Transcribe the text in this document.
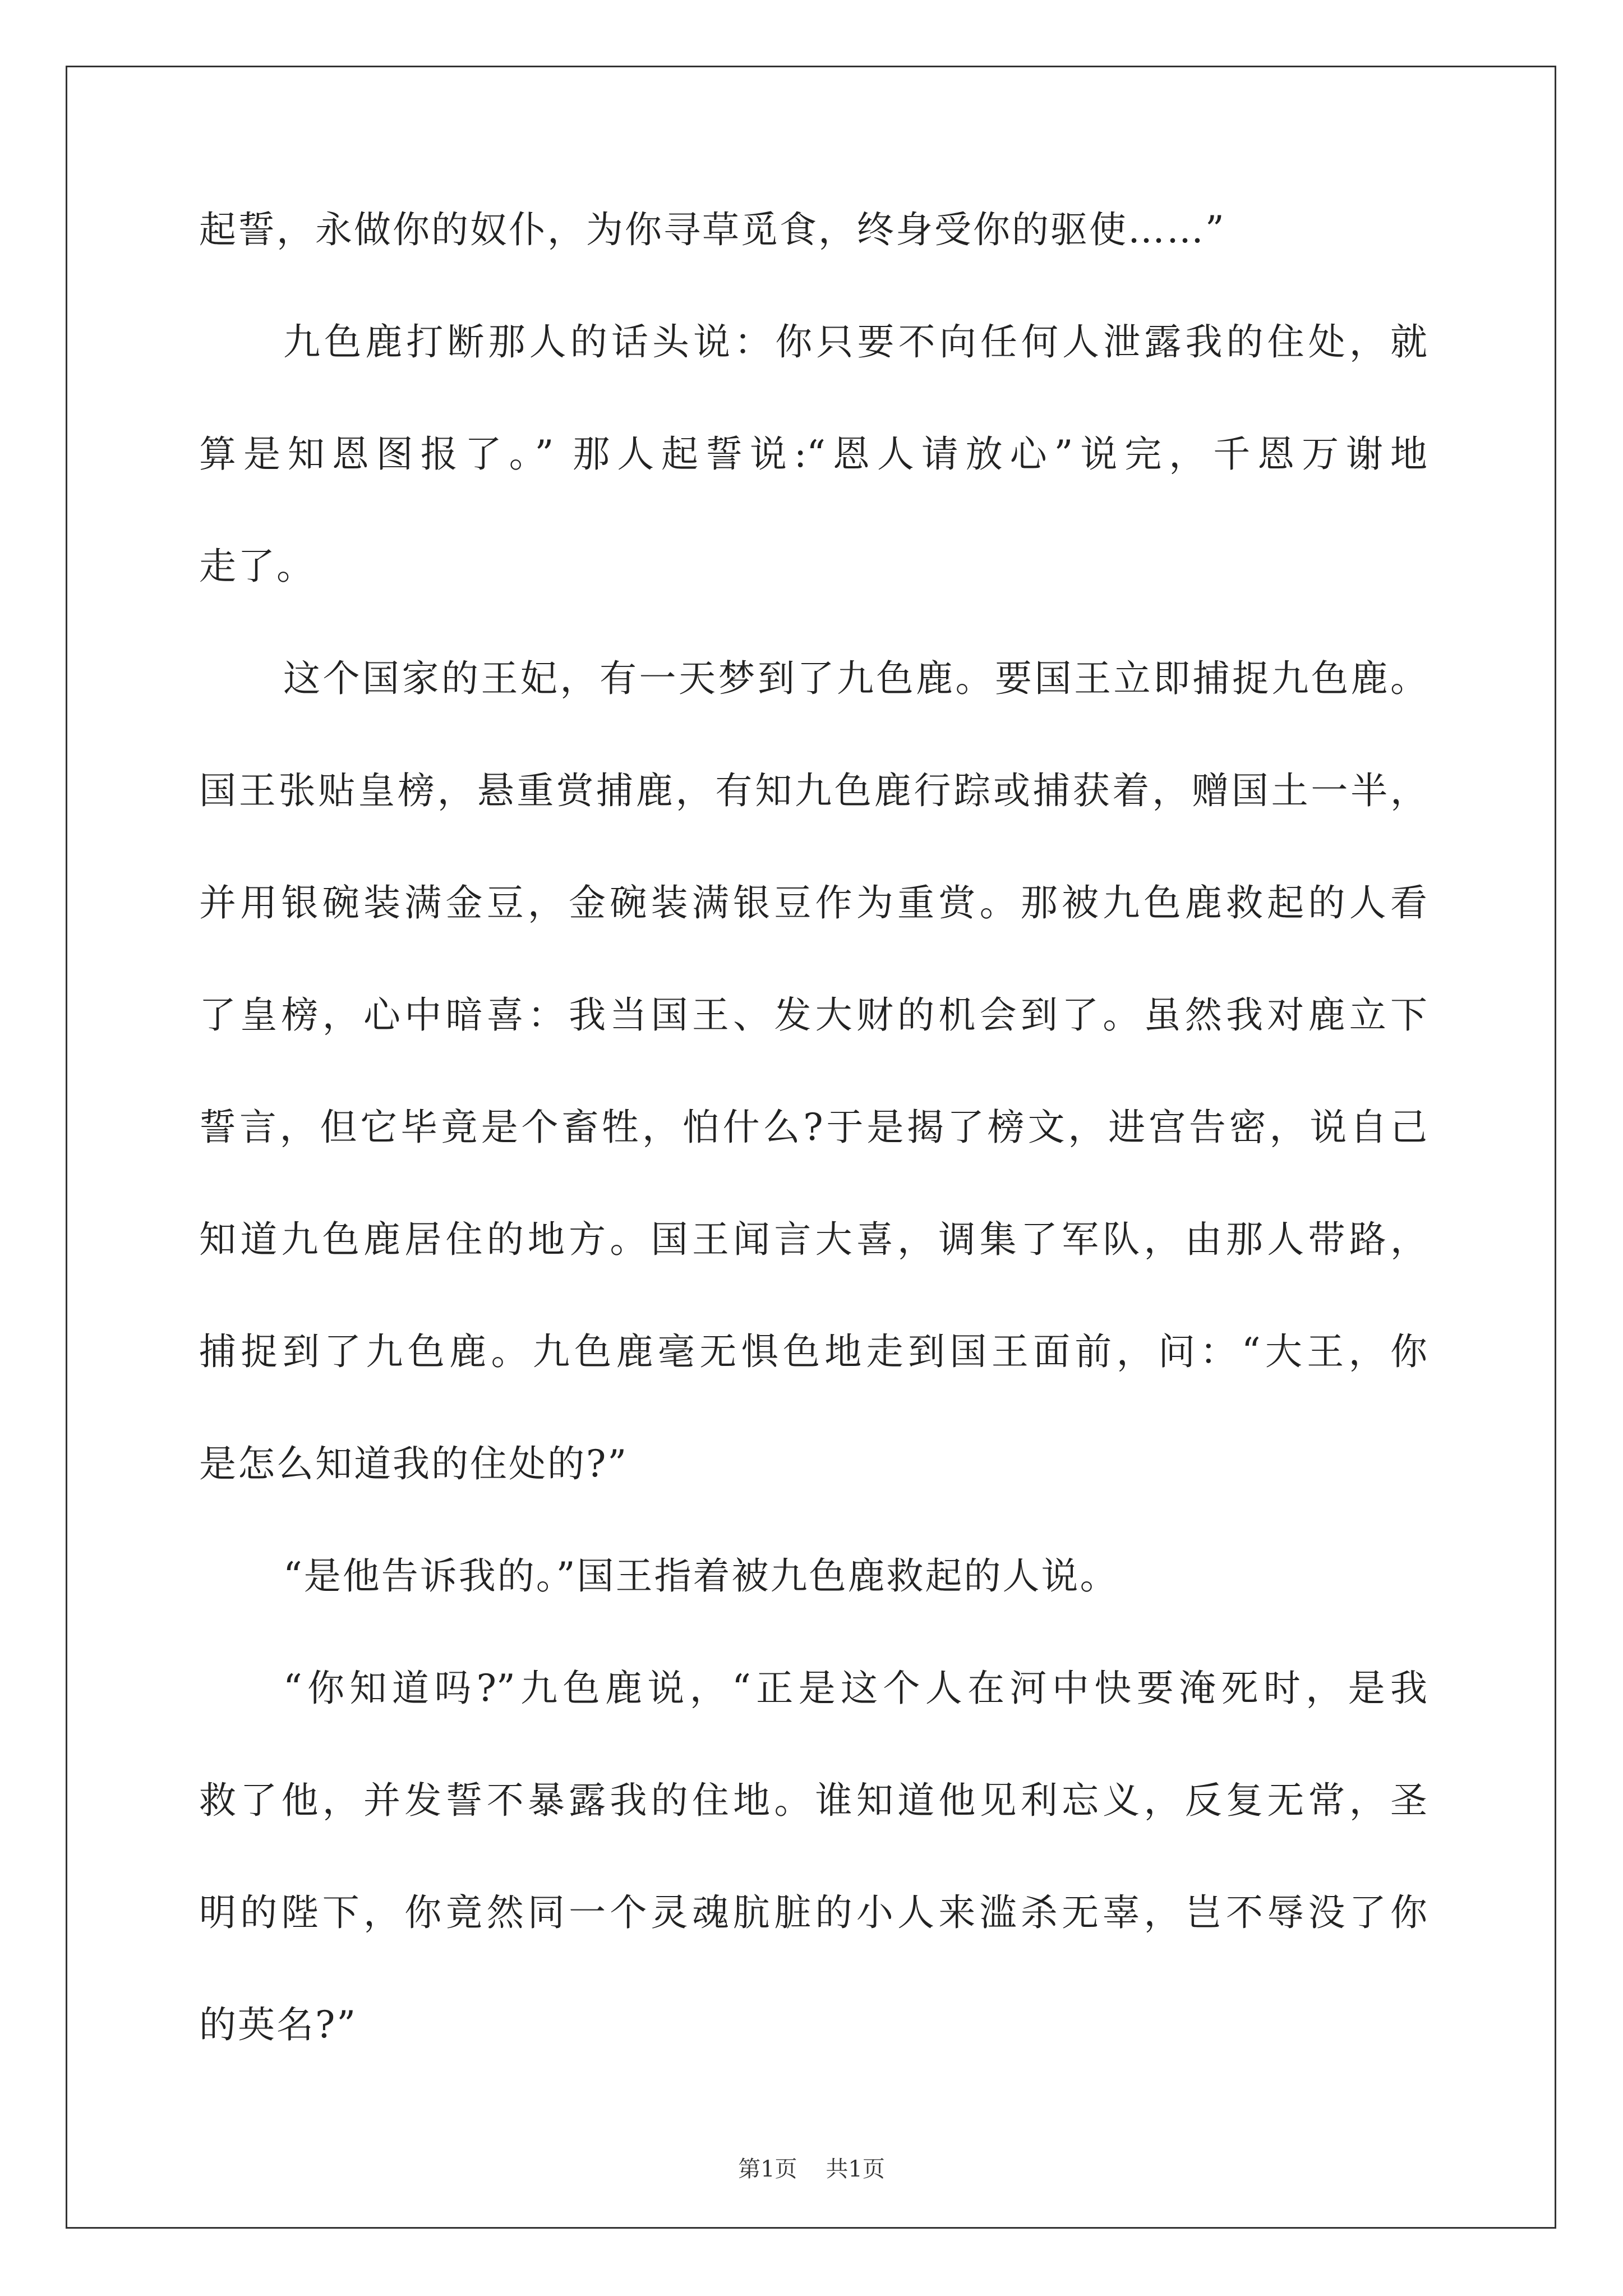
起誓，永做你的奴仆，为你寻草觅食，终身受你的驱使……”
九色鹿打断那人的话头说：你只要不向任何人泄露我的住处，就
算是知恩图报了。” 那人起誓说:“恩人请放心”说完，千恩万谢地
走了。
这个国家的王妃，有一天梦到了九色鹿。要国王立即捕捉九色鹿。
国王张贴皇榜，悬重赏捕鹿，有知九色鹿行踪或捕获着，赠国土一半，
并用银碗装满金豆，金碗装满银豆作为重赏。那被九色鹿救起的人看
了皇榜，心中暗喜：我当国王、发大财的机会到了。虽然我对鹿立下
誓言，但它毕竟是个畜牲，怕什么?于是揭了榜文，进宫告密，说自己
知道九色鹿居住的地方。国王闻言大喜，调集了军队，由那人带路，
捕捉到了九色鹿。九色鹿毫无惧色地走到国王面前，问：“大王，你
是怎么知道我的住处的?”
“是他告诉我的。”国王指着被九色鹿救起的人说。
“你知道吗?”九色鹿说，“正是这个人在河中快要淹死时，是我
救了他，并发誓不暴露我的住地。谁知道他见利忘义，反复无常，圣
明的陛下，你竟然同一个灵魂肮脏的小人来滥杀无辜，岂不辱没了你
的英名?”
第1页    共1页
